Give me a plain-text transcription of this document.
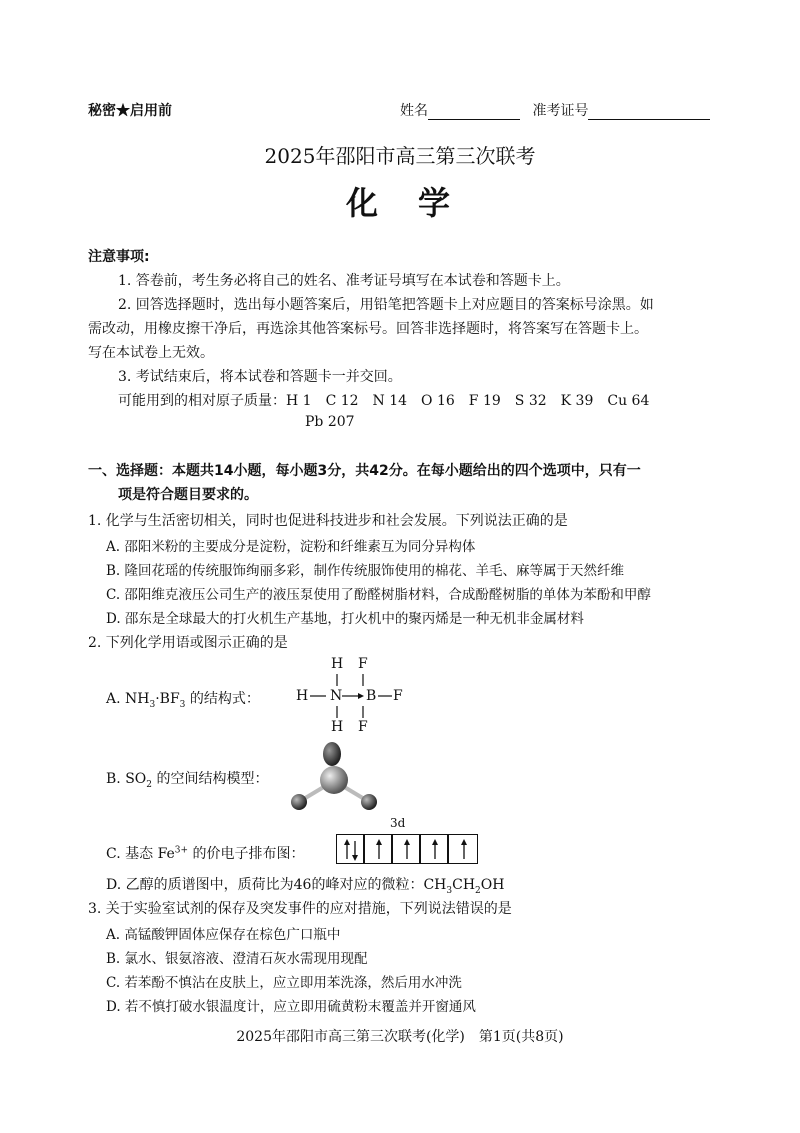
秘密★启用前	姓名	准考证号
2025年邵阳市高三第三次联考
化　学
注意事项:
1. 答卷前，考生务必将自己的姓名、准考证号填写在本试卷和答题卡上。
2. 回答选择题时，选出每小题答案后，用铅笔把答题卡上对应题目的答案标号涂黑。如
需改动，用橡皮擦干净后，再选涂其他答案标号。回答非选择题时，将答案写在答题卡上。
写在本试卷上无效。
3. 考试结束后，将本试卷和答题卡一并交回。
可能用到的相对原子质量：H 1　C 12　N 14　O 16　F 19　S 32　K 39　Cu 64
Pb 207
一、选择题：本题共14小题，每小题3分，共42分。在每小题给出的四个选项中，只有一
项是符合题目要求的。
1. 化学与生活密切相关，同时也促进科技进步和社会发展。下列说法正确的是
A. 邵阳米粉的主要成分是淀粉，淀粉和纤维素互为同分异构体
B. 隆回花瑶的传统服饰绚丽多彩，制作传统服饰使用的棉花、羊毛、麻等属于天然纤维
C. 邵阳维克液压公司生产的液压泵使用了酚醛树脂材料，合成酚醛树脂的单体为苯酚和甲醇
D. 邵东是全球最大的打火机生产基地，打火机中的聚丙烯是一种无机非金属材料
2. 下列化学用语或图示正确的是
A. $NH_3\cdot BF_3$ 的结构式：	H N B F
H
H
F
F
B. $SO_2$ 的空间结构模型：
C. 基态 $Fe^{3+}$ 的价电子排布图：
3d
D. 乙醇的质谱图中，质荷比为46的峰对应的微粒：$CH_3CH_2OH$
3. 关于实验室试剂的保存及突发事件的应对措施，下列说法错误的是
A. 高锰酸钾固体应保存在棕色广口瓶中
B. 氯水、银氨溶液、澄清石灰水需现用现配
C. 若苯酚不慎沾在皮肤上，应立即用苯洗涤，然后用水冲洗
D. 若不慎打破水银温度计，应立即用硫黄粉末覆盖并开窗通风
2025年邵阳市高三第三次联考(化学)　第1页(共8页)
